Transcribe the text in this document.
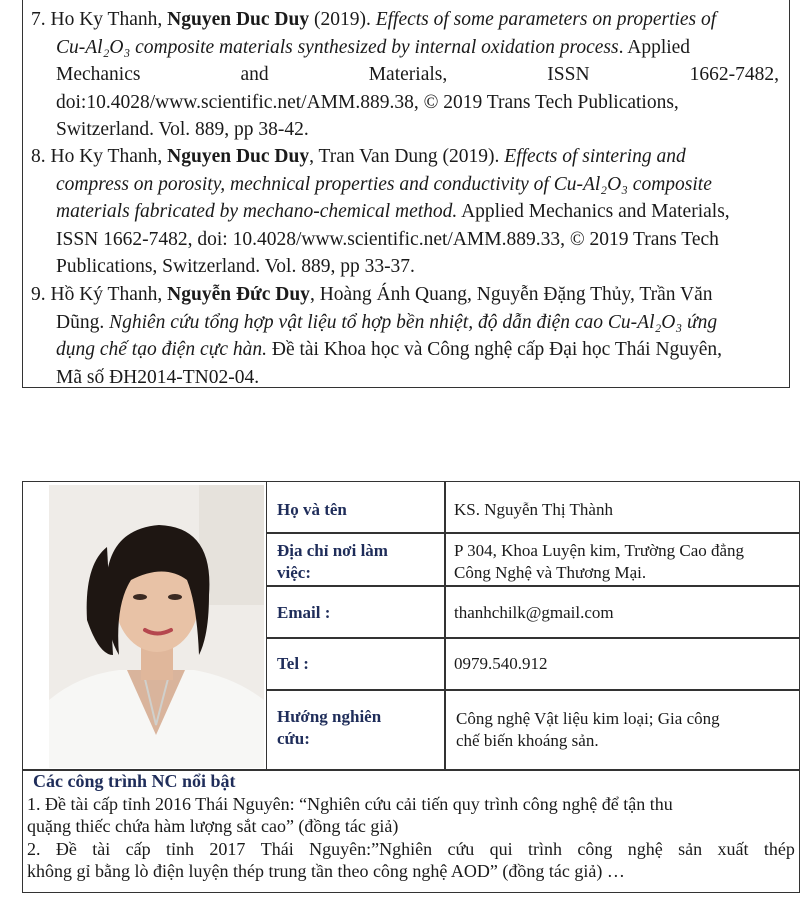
7. Ho Ky Thanh, Nguyen Duc Duy (2019). Effects of some parameters on properties of
Cu-Al₂O₃ composite materials synthesized by internal oxidation process. Applied
Mechanics	and	Materials,	ISSN	1662-7482,
doi:10.4028/www.scientific.net/AMM.889.38, © 2019 Trans Tech Publications,
Switzerland. Vol. 889, pp 38-42.
8. Ho Ky Thanh, Nguyen Duc Duy, Tran Van Dung (2019). Effects of sintering and
compress on porosity, mechnical properties and conductivity of Cu-Al₂O₃ composite
materials fabricated by mechano-chemical method. Applied Mechanics and Materials,
ISSN 1662-7482, doi: 10.4028/www.scientific.net/AMM.889.33, © 2019 Trans Tech
Publications, Switzerland. Vol. 889, pp 33-37.
9. Hồ Ký Thanh, Nguyễn Đức Duy, Hoàng Ánh Quang, Nguyễn Đặng Thủy, Trần Văn
Dũng. Nghiên cứu tổng hợp vật liệu tổ hợp bền nhiệt, độ dẫn điện cao Cu-Al₂O₃ ứng
dụng chế tạo điện cực hàn. Đề tài Khoa học và Công nghệ cấp Đại học Thái Nguyên,
Mã số ĐH2014-TN02-04.
Họ và tên	KS. Nguyễn Thị Thành
Địa chỉ nơi làm
việc:
P 304, Khoa Luyện kim, Trường Cao đẳng
Công Nghệ và Thương Mại.
Email :	thanhchilk@gmail.com
Tel :	0979.540.912
Hướng nghiên
cứu:
Công nghệ Vật liệu kim loại; Gia công
chế biến khoáng sản.
Các công trình NC nổi bật
1. Đề tài cấp tỉnh 2016 Thái Nguyên: “Nghiên cứu cải tiến quy trình công nghệ để tận thu
quặng thiếc chứa hàm lượng sắt cao” (đồng tác giả)
2. Đề tài cấp tỉnh 2017 Thái Nguyên:”Nghiên cứu qui trình công nghệ sản xuất thép
không gỉ bằng lò điện luyện thép trung tần theo công nghệ AOD” (đồng tác giả) …
